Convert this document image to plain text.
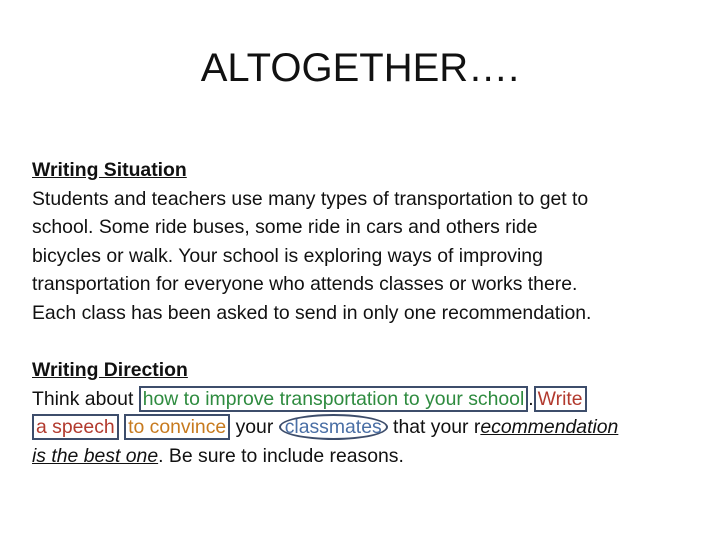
ALTOGETHER….
Writing Situation
Students and teachers use many types of transportation to get to
school. Some ride buses, some ride in cars and others ride
bicycles or walk. Your school is exploring ways of improving
transportation for everyone who attends classes or works there.
Each class has been asked to send in only one recommendation.
Writing Direction
Think about how to improve transportation to your school . Write
a speech to convince your classmates that your recommendation
is the best one. Be sure to include reasons.
